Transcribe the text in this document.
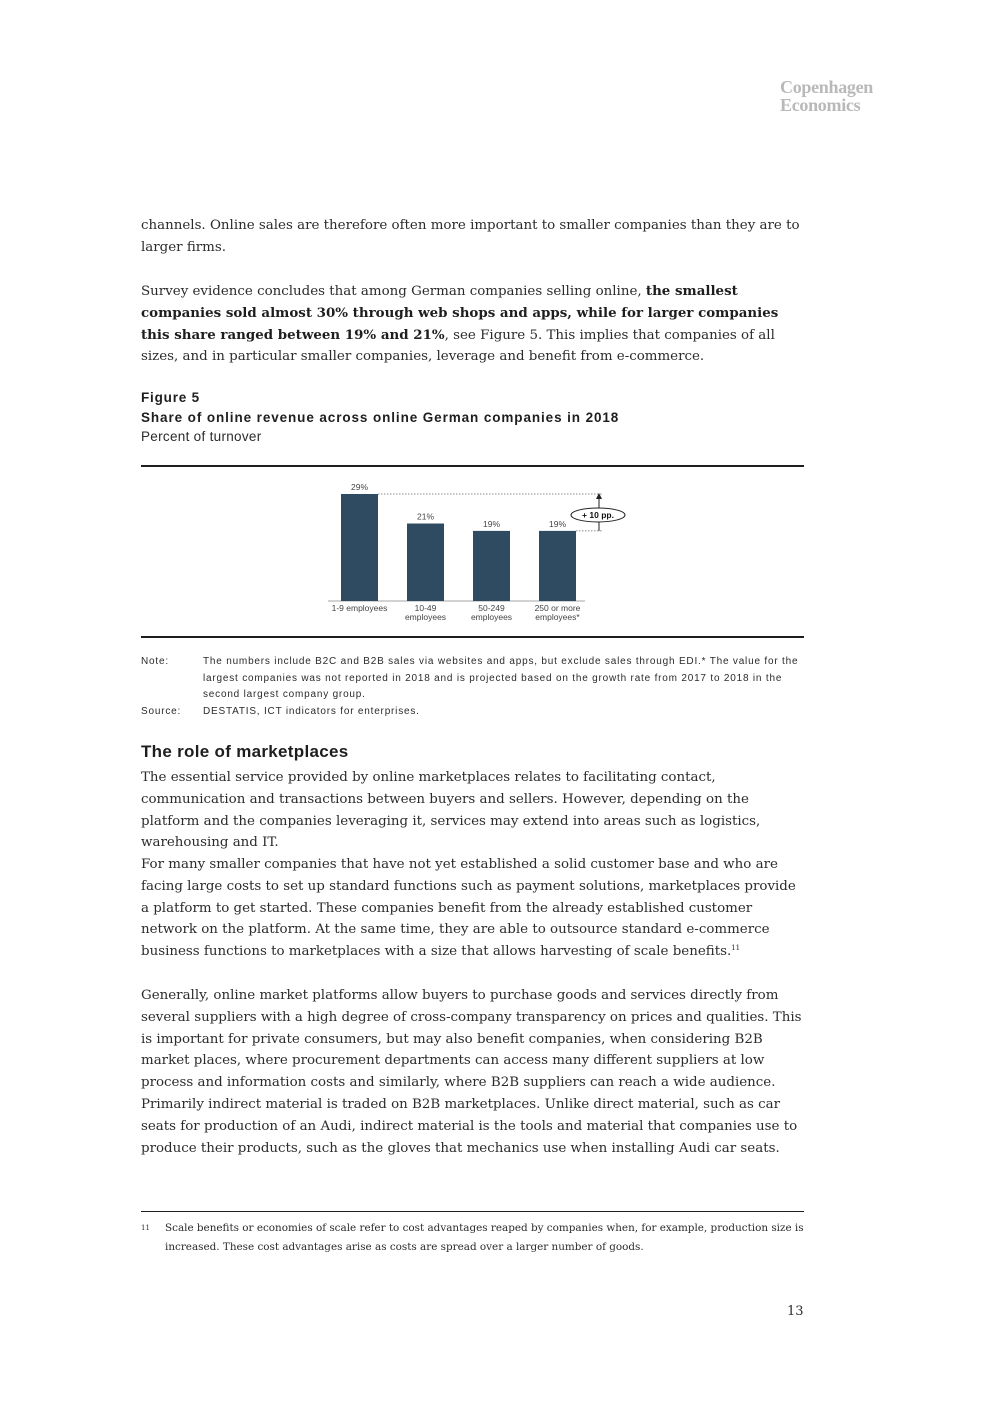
Copenhagen
Economics

channels. Online sales are therefore often more important to smaller companies than they are to larger firms.

Survey evidence concludes that among German companies selling online, the smallest companies sold almost 30% through web shops and apps, while for larger companies this share ranged between 19% and 21%, see Figure 5. This implies that companies of all sizes, and in particular smaller companies, leverage and benefit from e-commerce.

Figure 5
Share of online revenue across online German companies in 2018
Percent of turnover
29%
1-9 employees
21%
10-49
employees
19%
50-249
employees
19%
250 or more
employees*
+ 10 pp.
Note:	The numbers include B2C and B2B sales via websites and apps, but exclude sales through EDI.* The value for the largest companies was not reported in 2018 and is projected based on the growth rate from 2017 to 2018 in the second largest company group.
Source:	DESTATIS, ICT indicators for enterprises.
The role of marketplaces

The essential service provided by online marketplaces relates to facilitating contact, communication and transactions between buyers and sellers. However, depending on the platform and the companies leveraging it, services may extend into areas such as logistics, warehousing and IT.

For many smaller companies that have not yet established a solid customer base and who are facing large costs to set up standard functions such as payment solutions, marketplaces provide a platform to get started. These companies benefit from the already established customer network on the platform. At the same time, they are able to outsource standard e-commerce business functions to marketplaces with a size that allows harvesting of scale benefits.$^{11}$

Generally, online market platforms allow buyers to purchase goods and services directly from several suppliers with a high degree of cross-company transparency on prices and qualities. This is important for private consumers, but may also benefit companies, when considering B2B market places, where procurement departments can access many different suppliers at low process and information costs and similarly, where B2B suppliers can reach a wide audience. Primarily indirect material is traded on B2B marketplaces. Unlike direct material, such as car seats for production of an Audi, indirect material is the tools and material that companies use to produce their products, such as the gloves that mechanics use when installing Audi car seats.

11 Scale benefits or economies of scale refer to cost advantages reaped by companies when, for example, production size is increased. These cost advantages arise as costs are spread over a larger number of goods.
13
